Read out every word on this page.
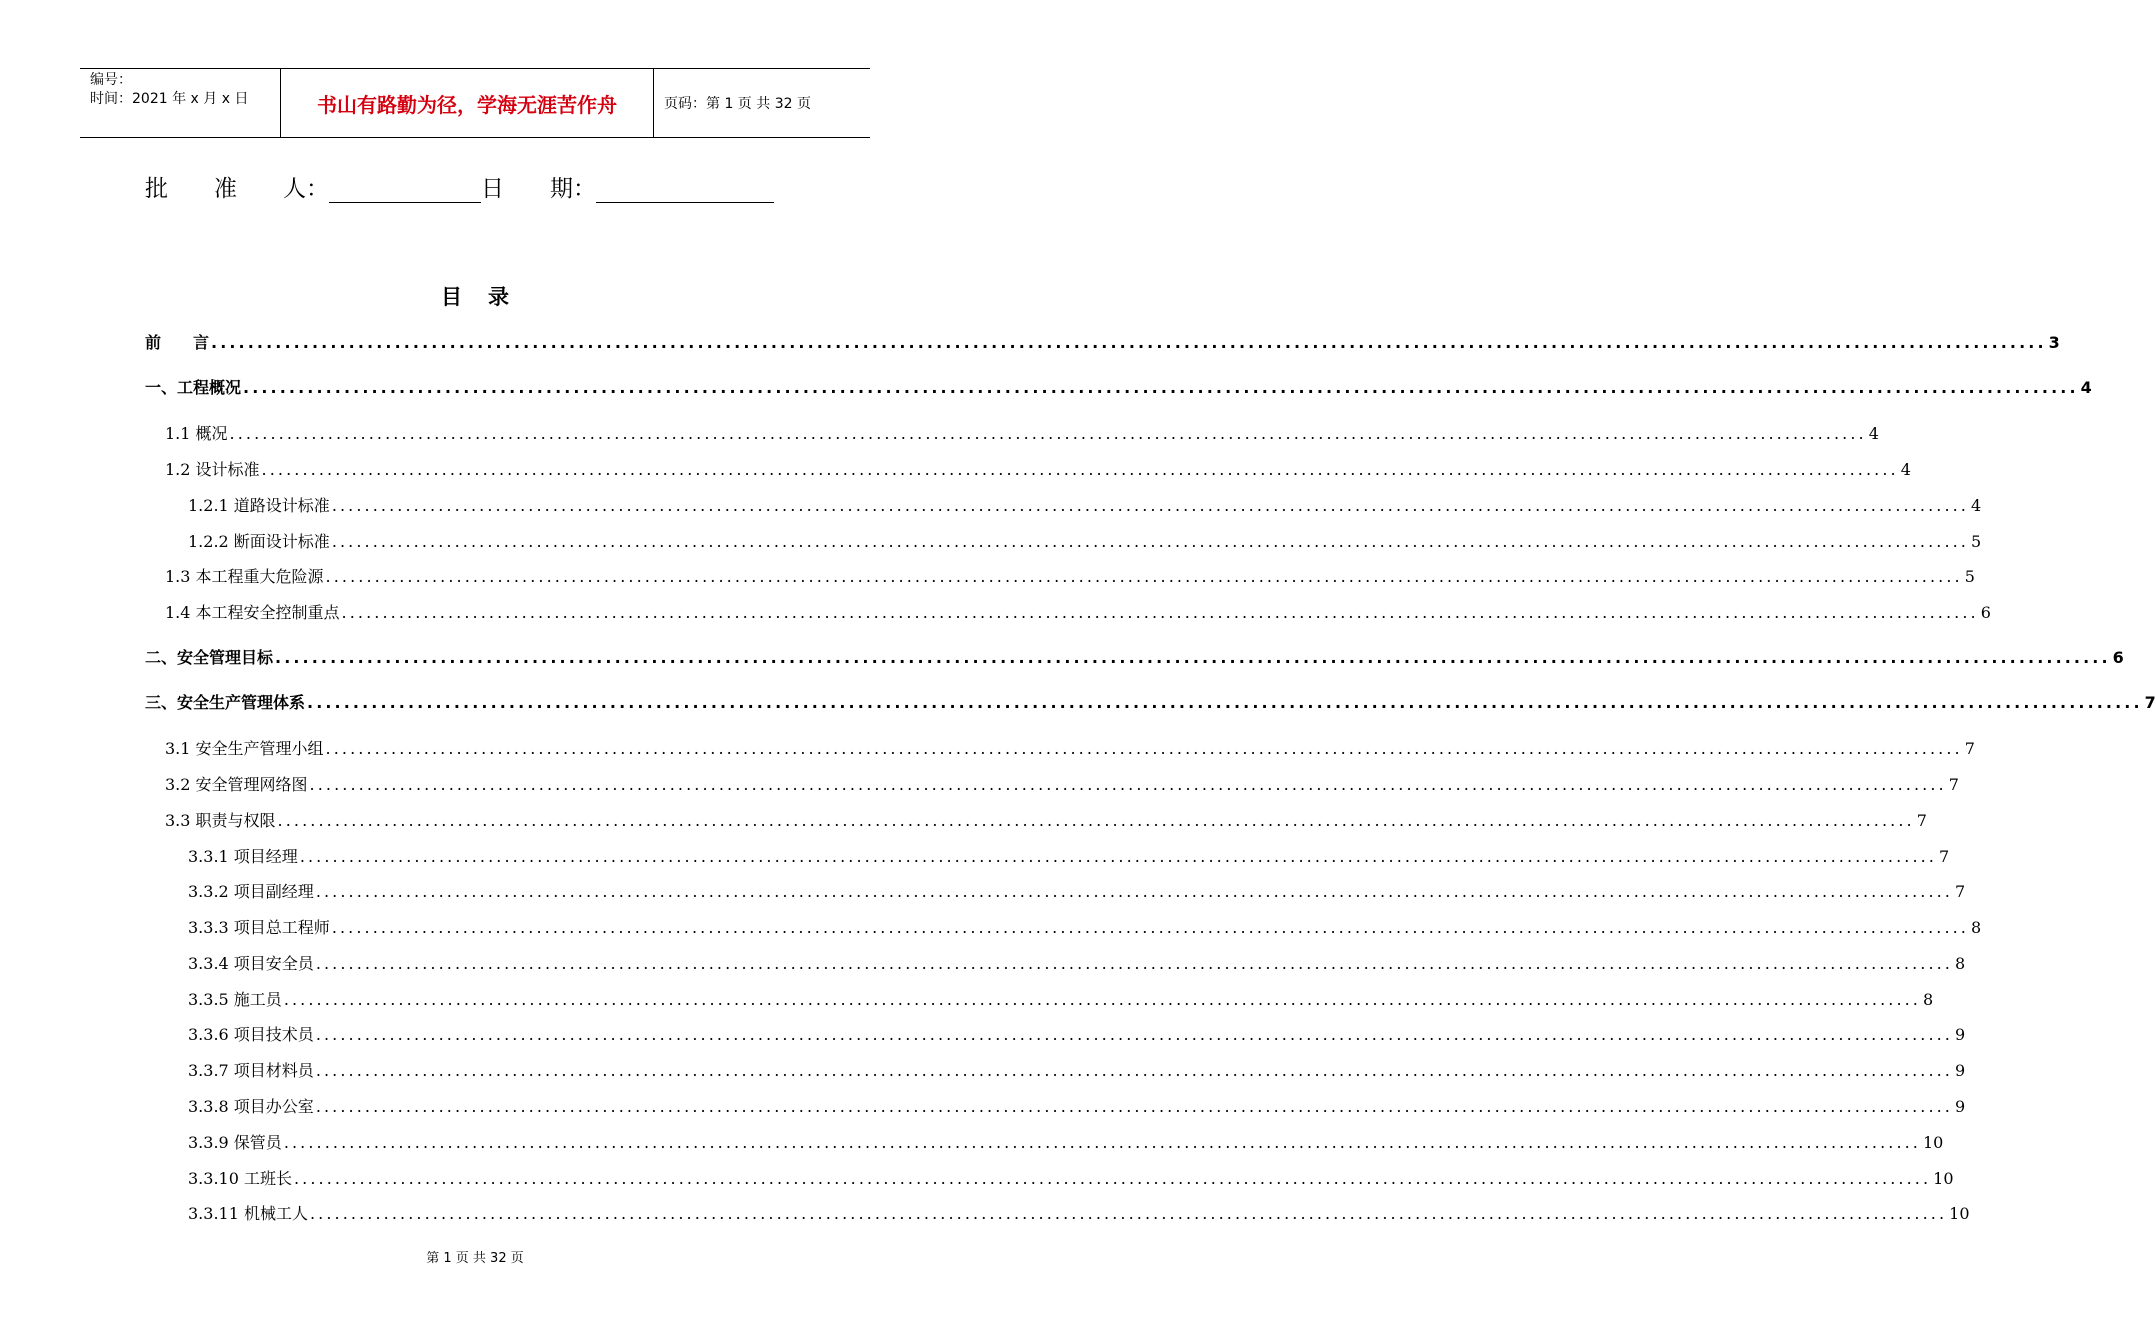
编号：
时间：2021 年 x 月 x 日	书山有路勤为径，学海无涯苦作舟	页码：第 1 页 共 32 页
批　　准　　人：	日　　期：
目录
前　　言 ........................................................................................................................................................................................................ 3
一、工程概况 ........................................................................................................................................................................................................ 4
1.1 概况 ........................................................................................................................................................................................................ 4
1.2 设计标准 ........................................................................................................................................................................................................ 4
1.2.1 道路设计标准 ........................................................................................................................................................................................................ 4
1.2.2 断面设计标准 ........................................................................................................................................................................................................ 5
1.3 本工程重大危险源 ........................................................................................................................................................................................................ 5
1.4 本工程安全控制重点 ........................................................................................................................................................................................................ 6
二、安全管理目标 ........................................................................................................................................................................................................ 6
三、安全生产管理体系 ........................................................................................................................................................................................................ 7
3.1 安全生产管理小组 ........................................................................................................................................................................................................ 7
3.2 安全管理网络图 ........................................................................................................................................................................................................ 7
3.3 职责与权限 ........................................................................................................................................................................................................ 7
3.3.1 项目经理 ........................................................................................................................................................................................................ 7
3.3.2 项目副经理 ........................................................................................................................................................................................................ 7
3.3.3 项目总工程师 ........................................................................................................................................................................................................ 8
3.3.4 项目安全员 ........................................................................................................................................................................................................ 8
3.3.5 施工员 ........................................................................................................................................................................................................ 8
3.3.6 项目技术员 ........................................................................................................................................................................................................ 9
3.3.7 项目材料员 ........................................................................................................................................................................................................ 9
3.3.8 项目办公室 ........................................................................................................................................................................................................ 9
3.3.9 保管员 ........................................................................................................................................................................................................ 10
3.3.10 工班长 ........................................................................................................................................................................................................ 10
3.3.11 机械工人 ........................................................................................................................................................................................................ 10
第 1 页 共 32 页
